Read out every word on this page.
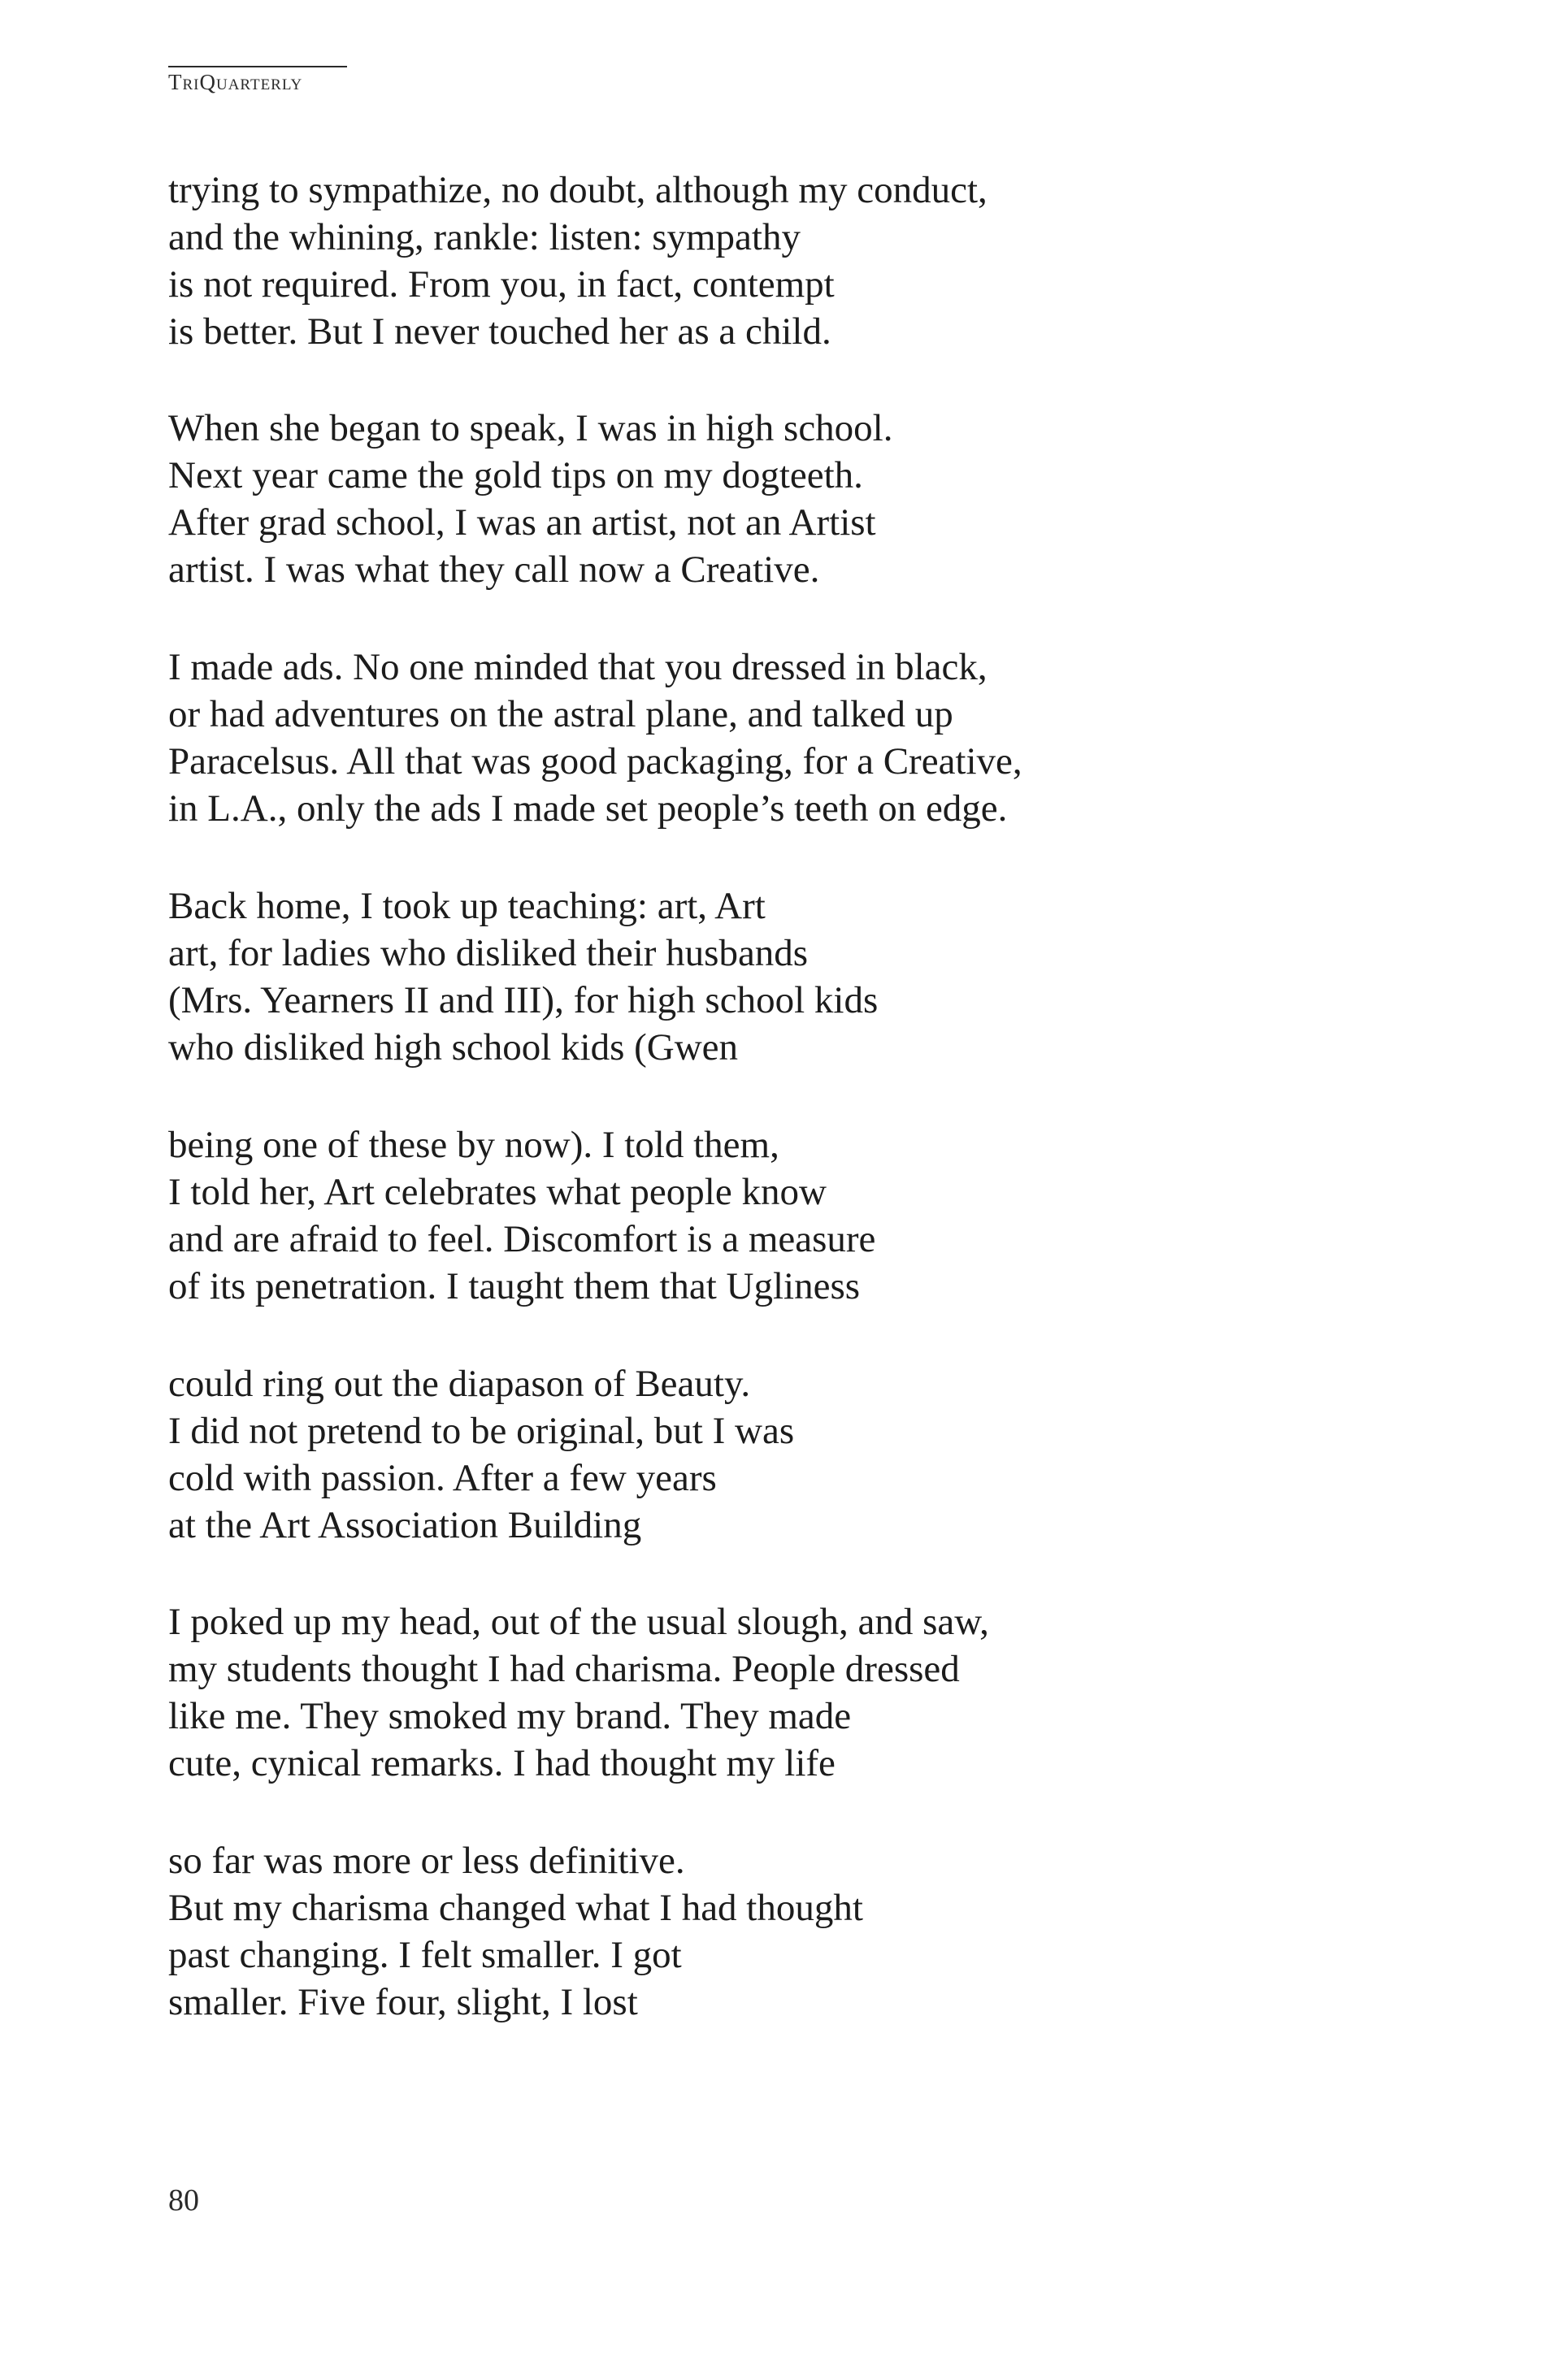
TriQuarterly
trying to sympathize, no doubt, although my conduct,
and the whining, rankle: listen: sympathy
is not required. From you, in fact, contempt
is better. But I never touched her as a child.
When she began to speak, I was in high school.
Next year came the gold tips on my dogteeth.
After grad school, I was an artist, not an Artist
artist. I was what they call now a Creative.
I made ads. No one minded that you dressed in black,
or had adventures on the astral plane, and talked up
Paracelsus. All that was good packaging, for a Creative,
in L.A., only the ads I made set people’s teeth on edge.
Back home, I took up teaching: art, Art
art, for ladies who disliked their husbands
(Mrs. Yearners II and III), for high school kids
who disliked high school kids (Gwen
being one of these by now). I told them,
I told her, Art celebrates what people know
and are afraid to feel. Discomfort is a measure
of its penetration. I taught them that Ugliness
could ring out the diapason of Beauty.
I did not pretend to be original, but I was
cold with passion. After a few years
at the Art Association Building
I poked up my head, out of the usual slough, and saw,
my students thought I had charisma. People dressed
like me. They smoked my brand. They made
cute, cynical remarks. I had thought my life
so far was more or less definitive.
But my charisma changed what I had thought
past changing. I felt smaller. I got
smaller. Five four, slight, I lost
80
